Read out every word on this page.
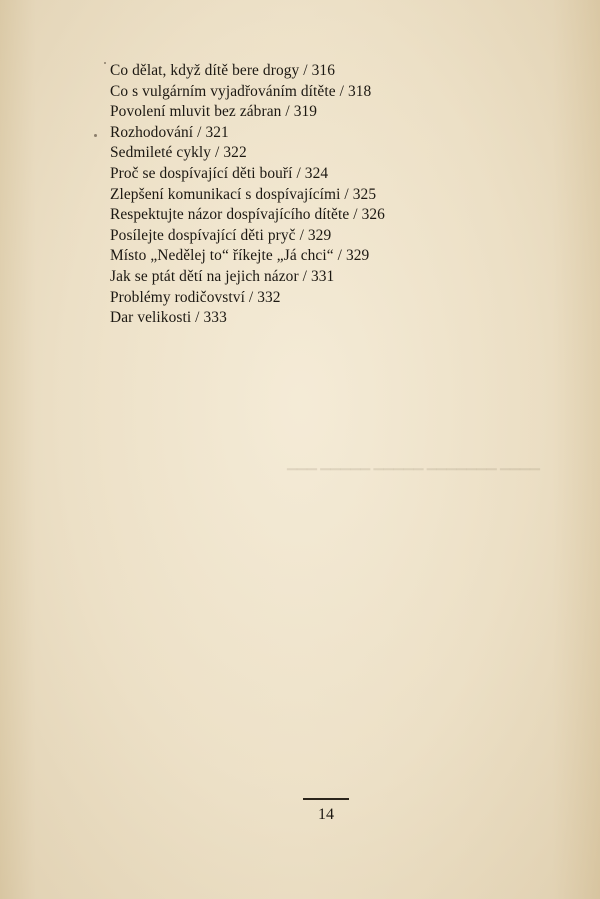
▁▁▁▁ ▁▁▁▁▁▁▁ ▁▁▁▁▁ ▁▁▁▁▁ ▁▁▁
Co dělat, když dítě bere drogy / 316
Co s vulgárním vyjadřováním dítěte / 318
Povolení mluvit bez zábran / 319
Rozhodování / 321
Sedmileté cykly / 322
Proč se dospívající děti bouří / 324
Zlepšení komunikací s dospívajícími / 325
Respektujte názor dospívajícího dítěte / 326
Posílejte dospívající děti pryč / 329
Místo „Nedělej to“ říkejte „Já chci“ / 329
Jak se ptát dětí na jejich názor / 331
Problémy rodičovství / 332
Dar velikosti / 333
14
